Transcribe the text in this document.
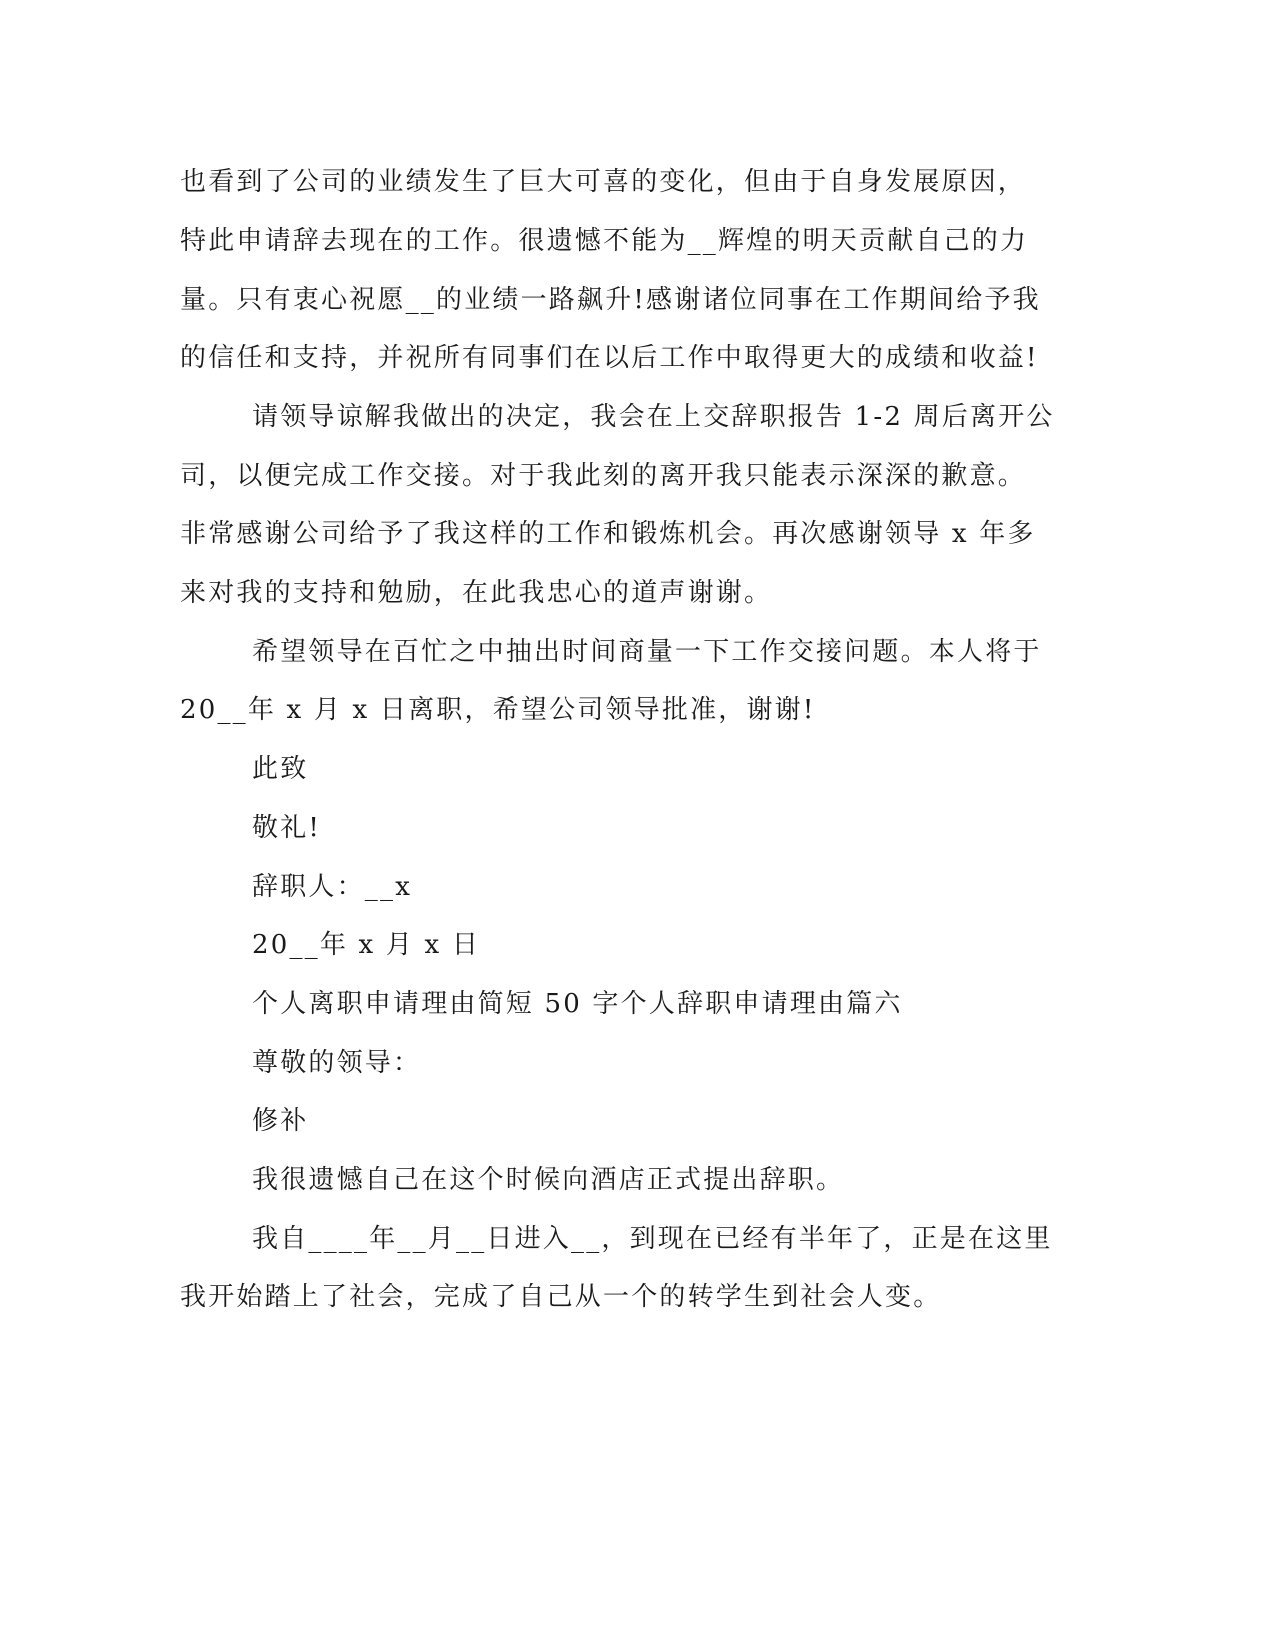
也看到了公司的业绩发生了巨大可喜的变化，但由于自身发展原因，
特此申请辞去现在的工作。很遗憾不能为__辉煌的明天贡献自己的力
量。只有衷心祝愿__的业绩一路飙升!感谢诸位同事在工作期间给予我
的信任和支持，并祝所有同事们在以后工作中取得更大的成绩和收益!
请领导谅解我做出的决定，我会在上交辞职报告 1-2 周后离开公
司，以便完成工作交接。对于我此刻的离开我只能表示深深的歉意。
非常感谢公司给予了我这样的工作和锻炼机会。再次感谢领导 x 年多
来对我的支持和勉励，在此我忠心的道声谢谢。
希望领导在百忙之中抽出时间商量一下工作交接问题。本人将于
20__年 x 月 x 日离职，希望公司领导批准，谢谢!
此致
敬礼!
辞职人：__x
20__年 x 月 x 日
个人离职申请理由简短 50 字个人辞职申请理由篇六
尊敬的领导：
修补
我很遗憾自己在这个时候向酒店正式提出辞职。
我自____年__月__日进入__，到现在已经有半年了，正是在这里
我开始踏上了社会，完成了自己从一个的转学生到社会人变。
